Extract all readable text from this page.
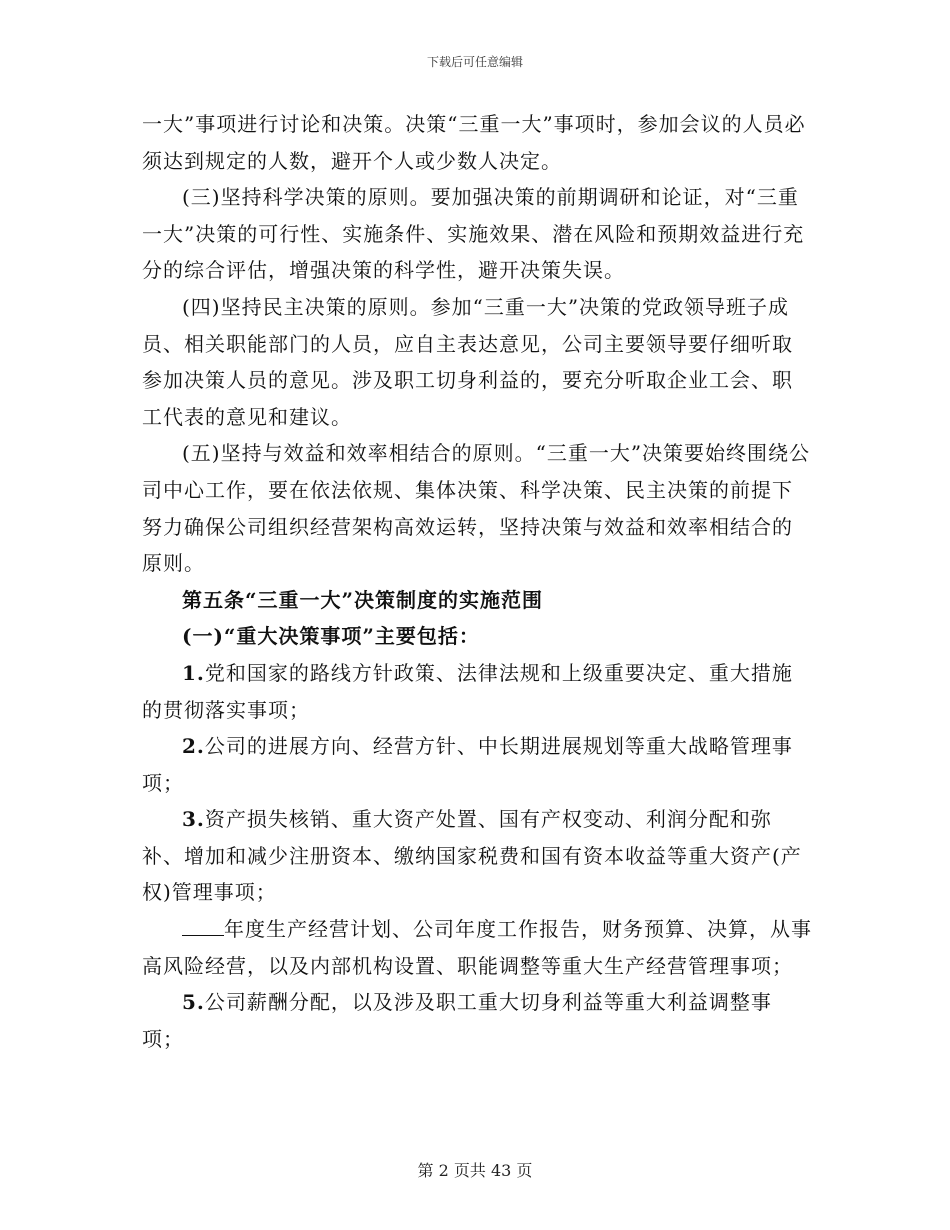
下载后可任意编辑

一大”事项进行讨论和决策。决策“三重一大”事项时，参加会议的人员必须达到规定的人数，避开个人或少数人决定。

(三)坚持科学决策的原则。要加强决策的前期调研和论证，对“三重一大”决策的可行性、实施条件、实施效果、潜在风险和预期效益进行充分的综合评估，增强决策的科学性，避开决策失误。

(四)坚持民主决策的原则。参加“三重一大”决策的党政领导班子成员、相关职能部门的人员，应自主表达意见，公司主要领导要仔细听取参加决策人员的意见。涉及职工切身利益的，要充分听取企业工会、职工代表的意见和建议。

(五)坚持与效益和效率相结合的原则。“三重一大”决策要始终围绕公司中心工作，要在依法依规、集体决策、科学决策、民主决策的前提下努力确保公司组织经营架构高效运转，坚持决策与效益和效率相结合的原则。

第五条“三重一大”决策制度的实施范围

(一)“重大决策事项”主要包括：

1.党和国家的路线方针政策、法律法规和上级重要决定、重大措施的贯彻落实事项；

2.公司的进展方向、经营方针、中长期进展规划等重大战略管理事项；

3.资产损失核销、重大资产处置、国有产权变动、利润分配和弥补、增加和减少注册资本、缴纳国家税费和国有资本收益等重大资产(产权)管理事项；

年度生产经营计划、公司年度工作报告，财务预算、决算，从事高风险经营，以及内部机构设置、职能调整等重大生产经营管理事项；

5.公司薪酬分配，以及涉及职工重大切身利益等重大利益调整事项；

第 2 页共 43 页
